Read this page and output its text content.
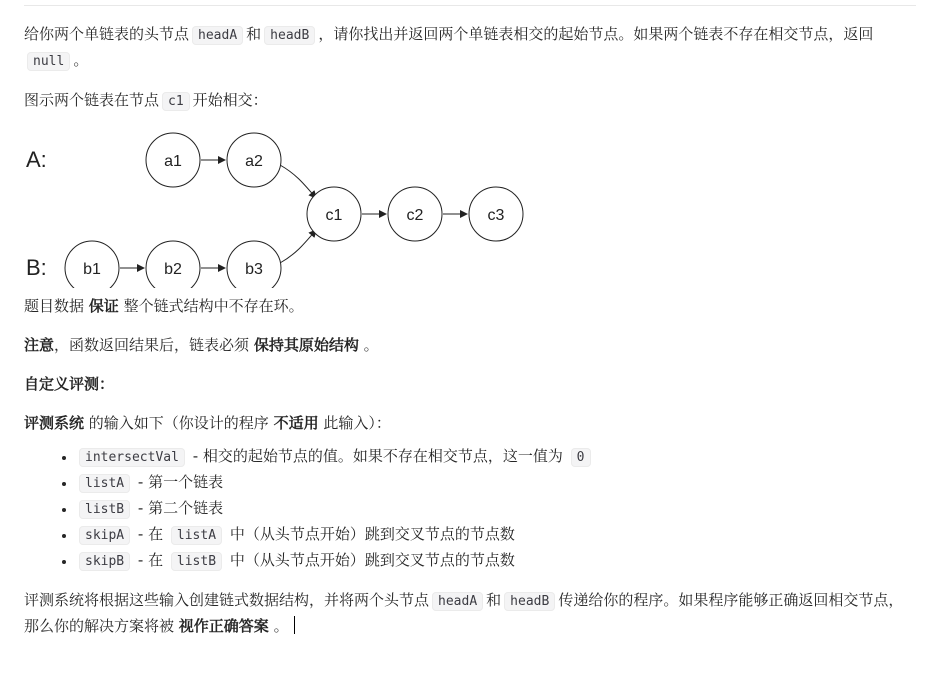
给你两个单链表的头节点 headA 和 headB ，请你找出并返回两个单链表相交的起始节点。如果两个链表不存在相交节点，返回null 。

图示两个链表在节点 c1 开始相交：

A:
B:
a1	a2
c1	c2	c3
b1	b2	b3

题目数据 保证 整个链式结构中不存在环。

注意，函数返回结果后，链表必须 保持其原始结构 。

自定义评测：

评测系统 的输入如下（你设计的程序 不适用 此输入）：

• intersectVal - 相交的起始节点的值。如果不存在相交节点，这一值为 0
• listA - 第一个链表
• listB - 第二个链表
• skipA - 在 listA 中（从头节点开始）跳到交叉节点的节点数
• skipB - 在 listB 中（从头节点开始）跳到交叉节点的节点数

评测系统将根据这些输入创建链式数据结构，并将两个头节点 headA 和 headB 传递给你的程序。如果程序能够正确返回相交节点，那么你的解决方案将被 视作正确答案 。
